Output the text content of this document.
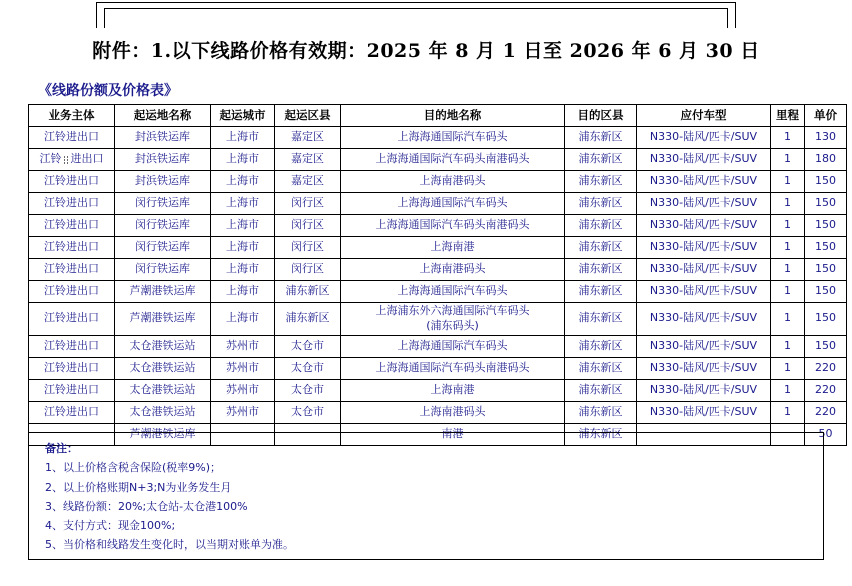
附件：1.以下线路价格有效期：2025 年 8 月 1 日至 2026 年 6 月 30 日
《线路份额及价格表》
业务主体	起运地名称	起运城市	起运区县	目的地名称	目的区县	应付车型	里程	单价
江铃进出口	封浜铁运库	上海市	嘉定区	上海海通国际汽车码头	浦东新区	N330-陆风/匹卡/SUV	1	130
江铃 进出口	封浜铁运库	上海市	嘉定区	上海海通国际汽车码头南港码头	浦东新区	N330-陆风/匹卡/SUV	1	180
江铃进出口	封浜铁运库	上海市	嘉定区	上海南港码头	浦东新区	N330-陆风/匹卡/SUV	1	150
江铃进出口	闵行铁运库	上海市	闵行区	上海海通国际汽车码头	浦东新区	N330-陆风/匹卡/SUV	1	150
江铃进出口	闵行铁运库	上海市	闵行区	上海海通国际汽车码头南港码头	浦东新区	N330-陆风/匹卡/SUV	1	150
江铃进出口	闵行铁运库	上海市	闵行区	上海南港	浦东新区	N330-陆风/匹卡/SUV	1	150
江铃进出口	闵行铁运库	上海市	闵行区	上海南港码头	浦东新区	N330-陆风/匹卡/SUV	1	150
江铃进出口	芦潮港铁运库	上海市	浦东新区	上海海通国际汽车码头	浦东新区	N330-陆风/匹卡/SUV	1	150
江铃进出口	芦潮港铁运库	上海市	浦东新区	上海浦东外六海通国际汽车码头
(浦东码头)	浦东新区	N330-陆风/匹卡/SUV	1	150
江铃进出口	太仓港铁运站	苏州市	太仓市	上海海通国际汽车码头	浦东新区	N330-陆风/匹卡/SUV	1	150
江铃进出口	太仓港铁运站	苏州市	太仓市	上海海通国际汽车码头南港码头	浦东新区	N330-陆风/匹卡/SUV	1	220
江铃进出口	太仓港铁运站	苏州市	太仓市	上海南港	浦东新区	N330-陆风/匹卡/SUV	1	220
江铃进出口	太仓港铁运站	苏州市	太仓市	上海南港码头	浦东新区	N330-陆风/匹卡/SUV	1	220
	芦潮港铁运库			南港	浦东新区			50
备注：
1、以上价格含税含保险(税率9%)；
2、以上价格账期N+3;N为业务发生月
3、线路份额：20%;太仓站-太仓港100%
4、支付方式：现金100%;
5、当价格和线路发生变化时，以当期对账单为准。
